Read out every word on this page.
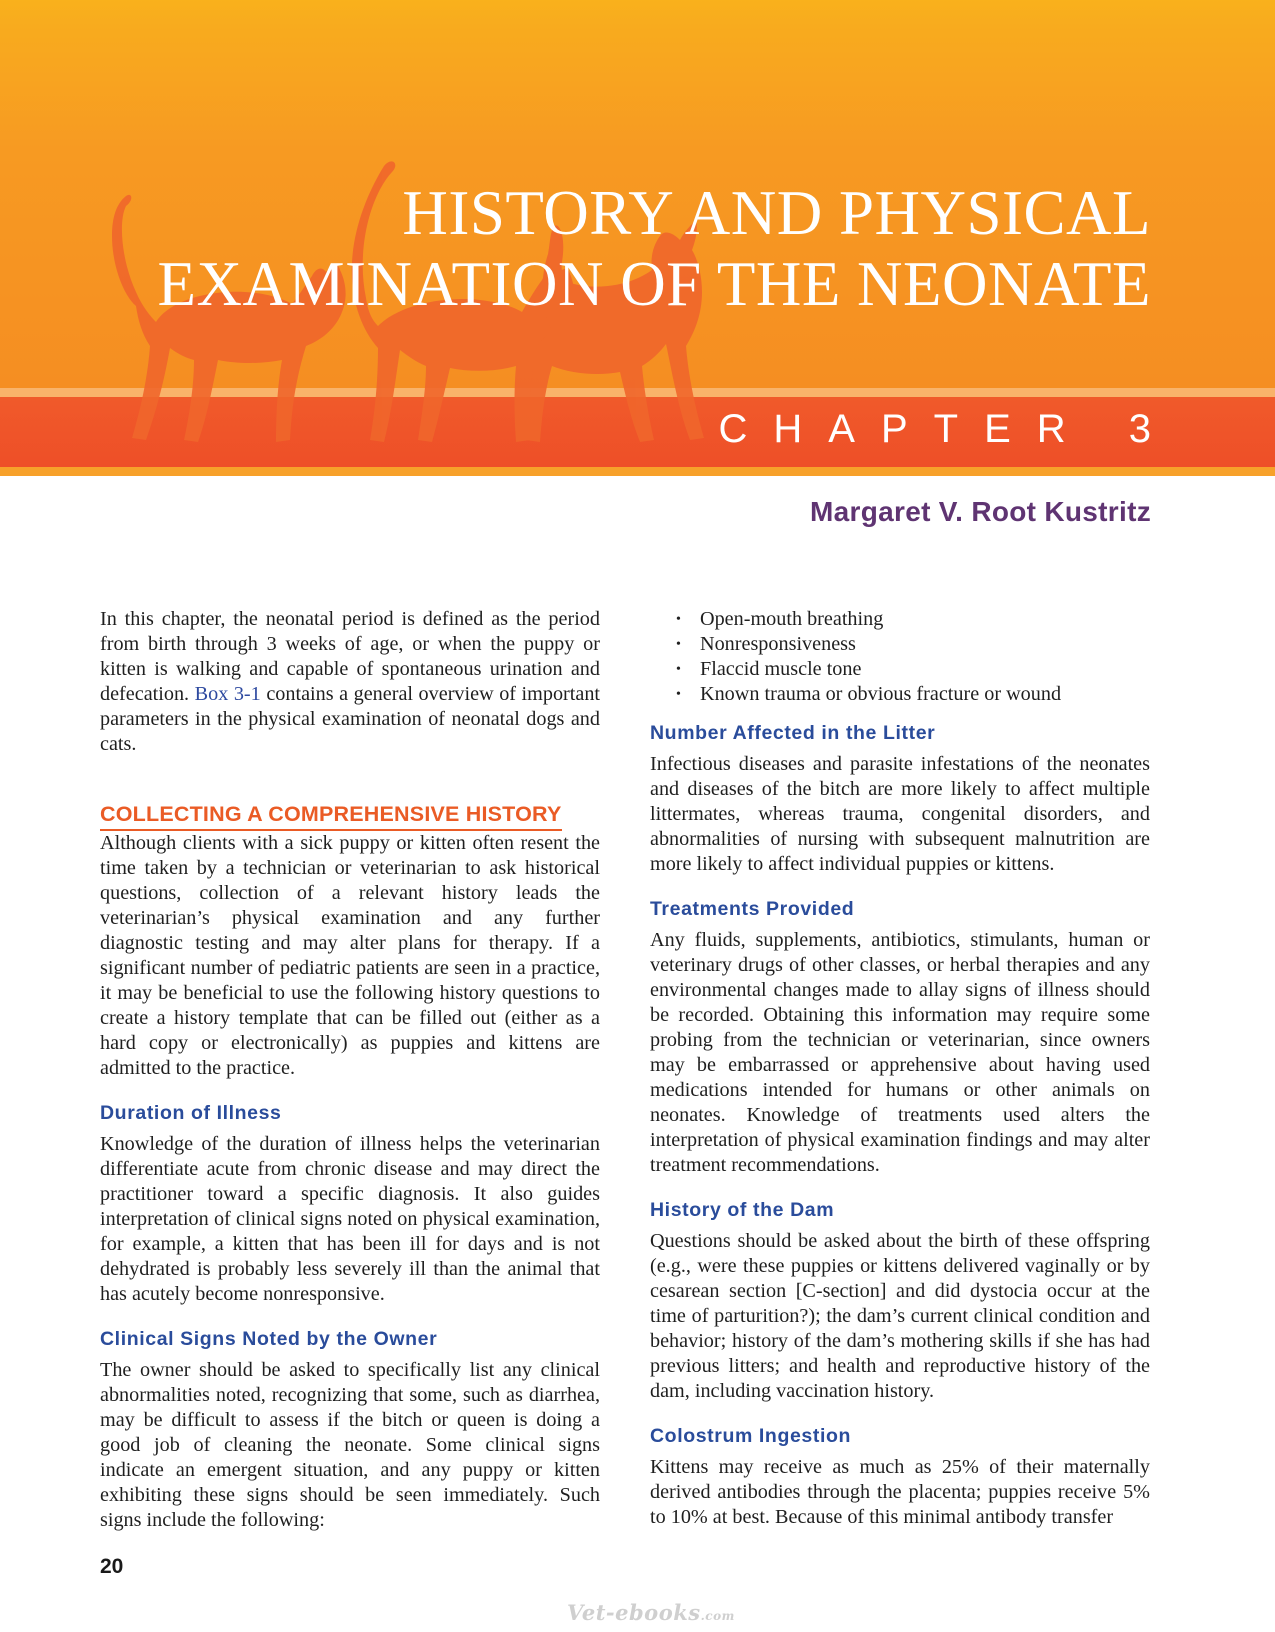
HISTORY AND PHYSICAL
EXAMINATION OF THE NEONATE
CHAPTER 3
Margaret V. Root Kustritz

In this chapter, the neonatal period is defined as the period from birth through 3 weeks of age, or when the puppy or kitten is walking and capable of spontaneous urination and defecation. Box 3-1 contains a general overview of important parameters in the physical examination of neonatal dogs and cats.

COLLECTING A COMPREHENSIVE HISTORY

Although clients with a sick puppy or kitten often resent the time taken by a technician or veterinarian to ask historical questions, collection of a relevant history leads the veterinarian’s physical examination and any further diagnostic testing and may alter plans for therapy. If a significant number of pediatric patients are seen in a practice, it may be beneficial to use the following history questions to create a history template that can be filled out (either as a hard copy or electronically) as puppies and kittens are admitted to the practice.

Duration of Illness

Knowledge of the duration of illness helps the veterinarian differentiate acute from chronic disease and may direct the practitioner toward a specific diagnosis. It also guides interpretation of clinical signs noted on physical examination, for example, a kitten that has been ill for days and is not dehydrated is probably less severely ill than the animal that has acutely become nonresponsive.

Clinical Signs Noted by the Owner

The owner should be asked to specifically list any clinical abnormalities noted, recognizing that some, such as diarrhea, may be difficult to assess if the bitch or queen is doing a good job of cleaning the neonate. Some clinical signs indicate an emergent situation, and any puppy or kitten exhibiting these signs should be seen immediately. Such signs include the following:

• Open-mouth breathing
• Nonresponsiveness
• Flaccid muscle tone
• Known trauma or obvious fracture or wound
Number Affected in the Litter

Infectious diseases and parasite infestations of the neonates and diseases of the bitch are more likely to affect multiple littermates, whereas trauma, congenital disorders, and abnormalities of nursing with subsequent malnutrition are more likely to affect individual puppies or kittens.

Treatments Provided

Any fluids, supplements, antibiotics, stimulants, human or veterinary drugs of other classes, or herbal therapies and any environmental changes made to allay signs of illness should be recorded. Obtaining this information may require some probing from the technician or veterinarian, since owners may be embarrassed or apprehensive about having used medications intended for humans or other animals on neonates. Knowledge of treatments used alters the interpretation of physical examination findings and may alter treatment recommendations.

History of the Dam

Questions should be asked about the birth of these offspring (e.g., were these puppies or kittens delivered vaginally or by cesarean section [C-section] and did dystocia occur at the time of parturition?); the dam’s current clinical condition and behavior; history of the dam’s mothering skills if she has had previous litters; and health and reproductive history of the dam, including vaccination history.

Colostrum Ingestion

Kittens may receive as much as 25% of their maternally derived antibodies through the placenta; puppies receive 5% to 10% at best. Because of this minimal antibody transfer

20
Vet-ebooks.com
